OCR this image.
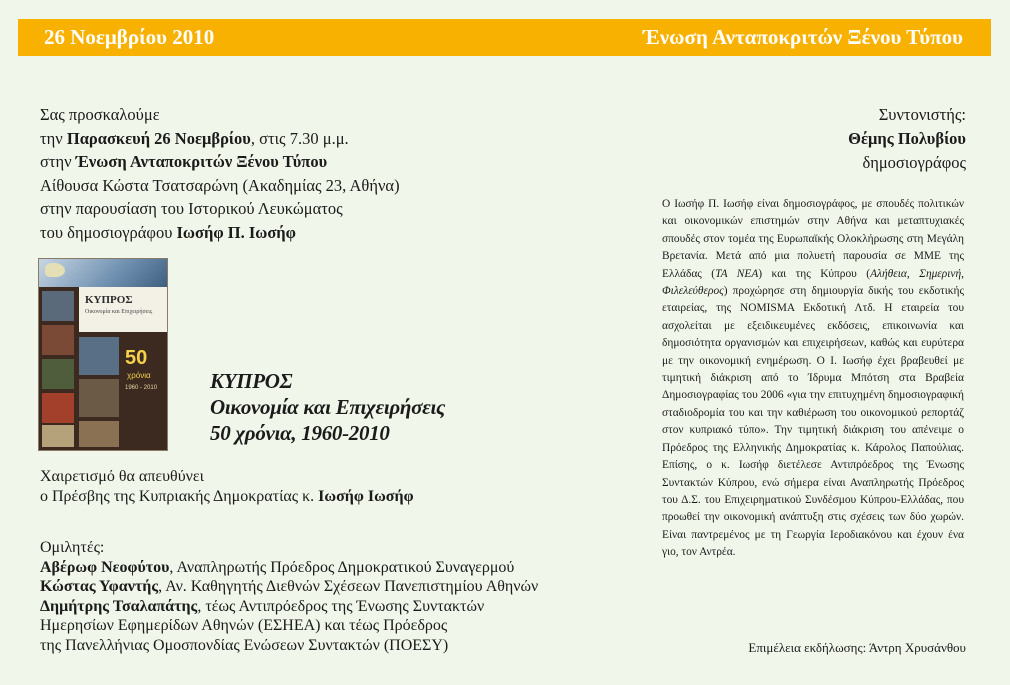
26 Νοεμβρίου 2010	Ένωση Ανταποκριτών Ξένου Τύπου
Σας προσκαλούμε
την Παρασκευή 26 Νοεμβρίου, στις 7.30 μ.μ.
στην Ένωση Ανταποκριτών Ξένου Τύπου
Αίθουσα Κώστα Τσατσαρώνη (Ακαδημίας 23, Αθήνα)
στην παρουσίαση του Ιστορικού Λευκώματος
του δημοσιογράφου Ιωσήφ Π. Ιωσήφ
ΚΥΠΡΟΣ
Οικονομία και Επιχειρήσεις
50
χρόνια
1960 - 2010	ΚΥΠΡΟΣ
Οικονομία και Επιχειρήσεις
50 χρόνια, 1960-2010
Χαιρετισμό θα απευθύνει
ο Πρέσβης της Κυπριακής Δημοκρατίας κ. Ιωσήφ Ιωσήφ
Ομιλητές:
Αβέρωφ Νεοφύτου, Αναπληρωτής Πρόεδρος Δημοκρατικού Συναγερμού
Κώστας Υφαντής, Αν. Καθηγητής Διεθνών Σχέσεων Πανεπιστημίου Αθηνών
Δημήτρης Τσαλαπάτης, τέως Αντιπρόεδρος της Ένωσης Συντακτών
Ημερησίων Εφημερίδων Αθηνών (ΕΣΗΕΑ) και τέως Πρόεδρος
της Πανελλήνιας Ομοσπονδίας Ενώσεων Συντακτών (ΠΟΕΣΥ)
Συντονιστής:
Θέμης Πολυβίου
δημοσιογράφος
Ο Ιωσήφ Π. Ιωσήφ είναι δημοσιογράφος, με σπουδές πολιτικών και οικονομικών επιστημών στην Αθήνα και μεταπτυχιακές σπουδές στον τομέα της Ευρωπαϊκής Ολοκλήρωσης στη Μεγάλη Βρετανία. Μετά από μια πολυετή παρουσία σε ΜΜΕ της Ελλάδας (ΤΑ ΝΕΑ) και της Κύπρου (Αλήθεια, Σημερινή, Φιλελεύθερος) προχώρησε στη δημιουργία δικής του εκδοτικής εταιρείας, της NOMISMA Εκδοτική Λτδ. Η εταιρεία του ασχολείται με εξειδικευμένες εκδόσεις, επικοινωνία και δημοσιότητα οργανισμών και επιχειρήσεων, καθώς και ευρύτερα με την οικονομική ενημέρωση. Ο Ι. Ιωσήφ έχει βραβευθεί με τιμητική διάκριση από το Ίδρυμα Μπότση στα Βραβεία Δημοσιογραφίας του 2006 «για την επιτυχημένη δημοσιογραφική σταδιοδρομία του και την καθιέρωση του οικονομικού ρεπορτάζ στον κυπριακό τύπο». Την τιμητική διάκριση του απένειμε ο Πρόεδρος της Ελληνικής Δημοκρατίας κ. Κάρολος Παπούλιας. Επίσης, ο κ. Ιωσήφ διετέλεσε Αντιπρόεδρος της Ένωσης Συντακτών Κύπρου, ενώ σήμερα είναι Αναπληρωτής Πρόεδρος του Δ.Σ. του Επιχειρηματικού Συνδέσμου Κύπρου-Ελλάδας, που προωθεί την οικονομική ανάπτυξη στις σχέσεις των δύο χωρών. Είναι παντρεμένος με τη Γεωργία Ιεροδιακόνου και έχουν ένα γιο, τον Αντρέα.
Επιμέλεια εκδήλωσης: Άντρη Χρυσάνθου
